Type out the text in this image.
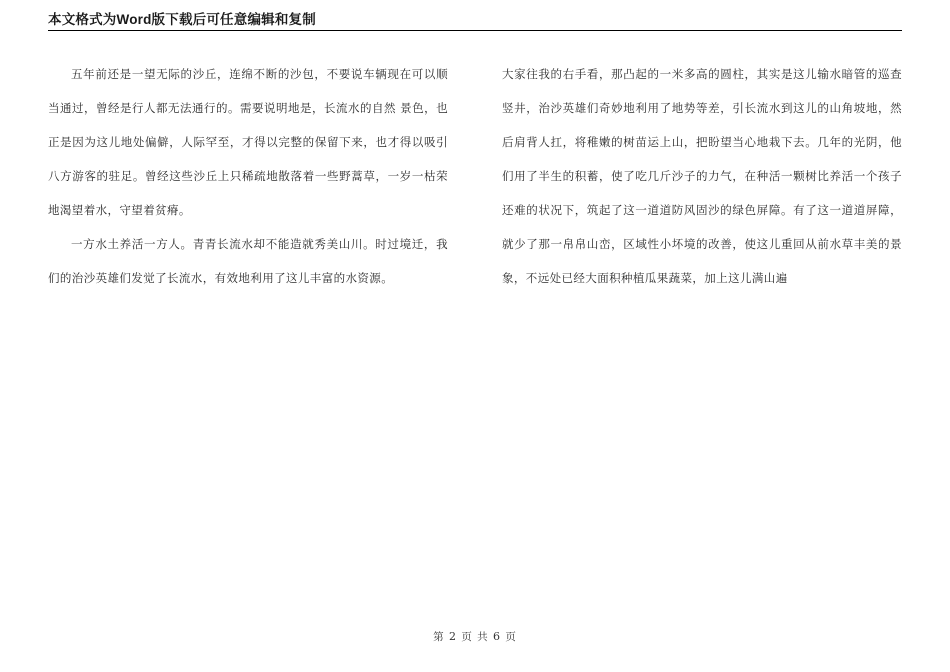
本文格式为Word版下载后可任意编辑和复制

五年前还是一望无际的沙丘，连绵不断的沙包，不要说车辆现在可以顺当通过，曾经是行人都无法通行的。需要说明地是，长流水的自然 景色，也正是因为这儿地处偏僻，人际罕至，才得以完整的保留下来，也才得以吸引八方游客的驻足。曾经这些沙丘上只稀疏地散落着一些野蒿草，一岁一枯荣地渴望着水，守望着贫瘠。

一方水土养活一方人。青青长流水却不能造就秀美山川。时过境迁，我们的治沙英雄们发觉了长流水，有效地利用了这儿丰富的水资源。

大家往我的右手看，那凸起的一米多高的圆柱，其实是这儿输水暗管的巡查竖井，治沙英雄们奇妙地利用了地势等差，引长流水到这儿的山角坡地，然后肩背人扛，将稚嫩的树苗运上山，把盼望当心地栽下去。几年的光阴，他们用了半生的积蓄，使了吃几斤沙子的力气，在种活一颗树比养活一个孩子还难的状况下，筑起了这一道道防风固沙的绿色屏障。有了这一道道屏障，就少了那一帛帛山峦，区域性小坏境的改善，使这儿重回从前水草丰美的景象，不远处已经大面积种植瓜果蔬菜，加上这儿满山遍

第 2 页 共 6 页
